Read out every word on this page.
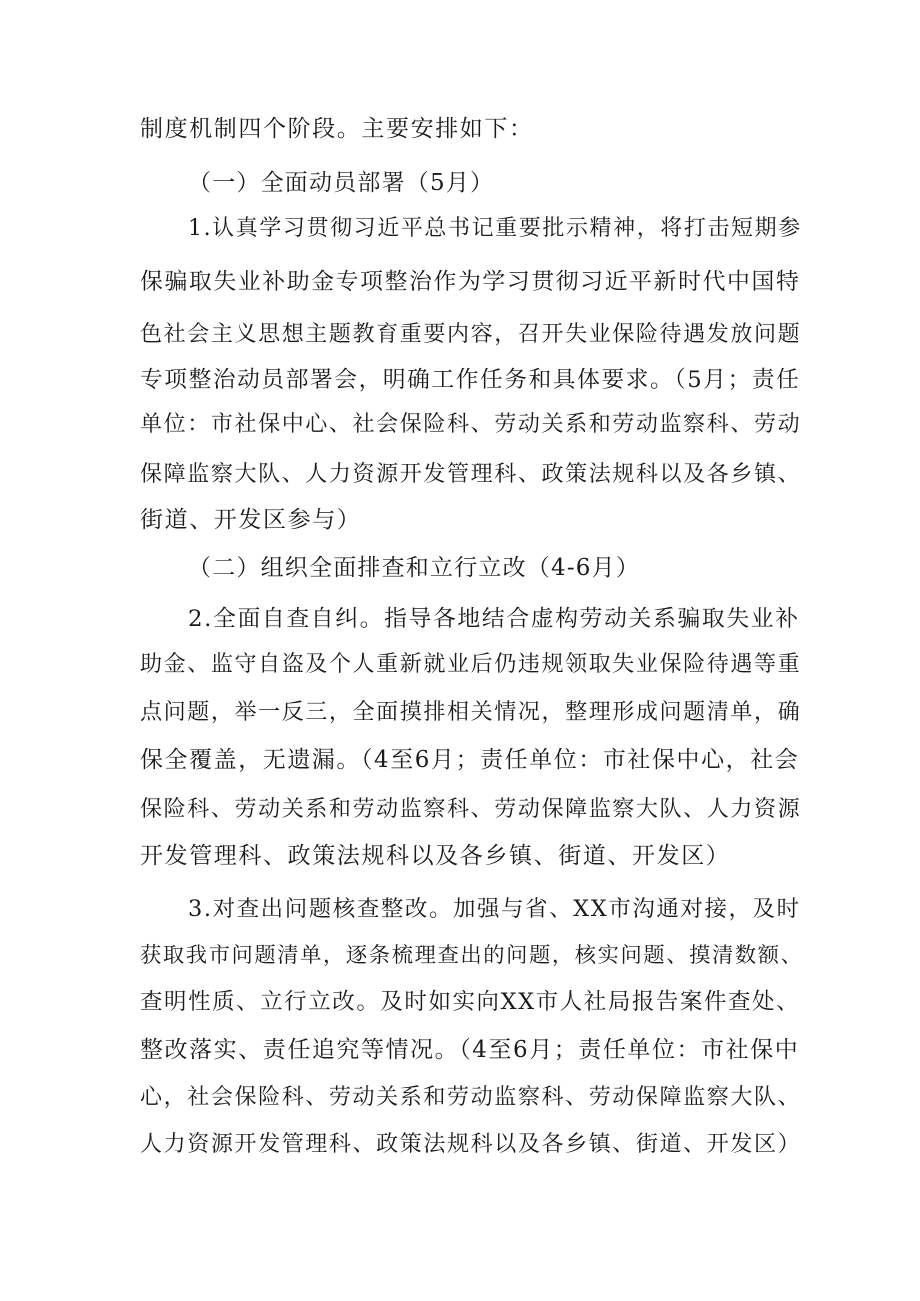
制度机制四个阶段。主要安排如下：

（一）全面动员部署（5月）

1.认真学习贯彻习近平总书记重要批示精神，将打击短期参

保骗取失业补助金专项整治作为学习贯彻习近平新时代中国特

色社会主义思想主题教育重要内容，召开失业保险待遇发放问题

专项整治动员部署会，明确工作任务和具体要求。（5月；责任

单位：市社保中心、社会保险科、劳动关系和劳动监察科、劳动

保障监察大队、人力资源开发管理科、政策法规科以及各乡镇、

街道、开发区参与）

（二）组织全面排查和立行立改（4-6月）

2.全面自查自纠。指导各地结合虚构劳动关系骗取失业补

助金、监守自盗及个人重新就业后仍违规领取失业保险待遇等重

点问题，举一反三，全面摸排相关情况，整理形成问题清单，确

保全覆盖，无遗漏。（4至6月；责任单位：市社保中心，社会

保险科、劳动关系和劳动监察科、劳动保障监察大队、人力资源

开发管理科、政策法规科以及各乡镇、街道、开发区）

3.对查出问题核查整改。加强与省、XX市沟通对接，及时

获取我市问题清单，逐条梳理查出的问题，核实问题、摸清数额、

查明性质、立行立改。及时如实向XX市人社局报告案件查处、

整改落实、责任追究等情况。（4至6月；责任单位：市社保中

心，社会保险科、劳动关系和劳动监察科、劳动保障监察大队、

人力资源开发管理科、政策法规科以及各乡镇、街道、开发区）
